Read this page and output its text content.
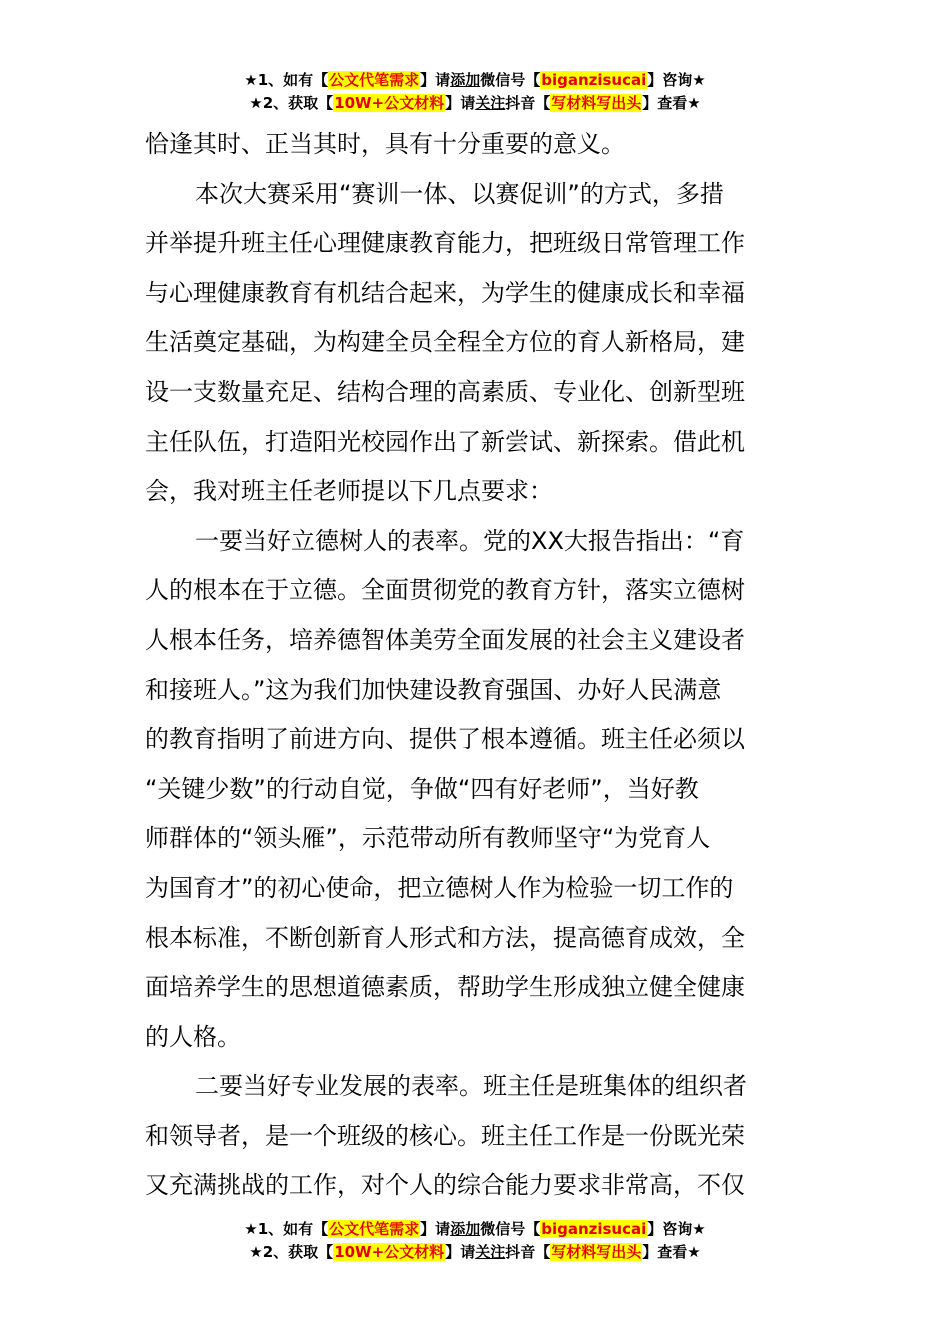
★1、如有【公文代笔需求】请添加微信号【biganzisucai】咨询★
★2、获取【10W+公文材料】请关注抖音【写材料写出头】查看★
恰逢其时、正当其时，具有十分重要的意义。
本次大赛采用“赛训一体、以赛促训”的方式，多措
并举提升班主任心理健康教育能力，把班级日常管理工作
与心理健康教育有机结合起来，为学生的健康成长和幸福
生活奠定基础，为构建全员全程全方位的育人新格局，建
设一支数量充足、结构合理的高素质、专业化、创新型班
主任队伍，打造阳光校园作出了新尝试、新探索。借此机
会，我对班主任老师提以下几点要求：
一要当好立德树人的表率。党的XX大报告指出：“育
人的根本在于立德。全面贯彻党的教育方针，落实立德树
人根本任务，培养德智体美劳全面发展的社会主义建设者
和接班人。”这为我们加快建设教育强国、办好人民满意
的教育指明了前进方向、提供了根本遵循。班主任必须以
“关键少数”的行动自觉，争做“四有好老师”，当好教
师群体的“领头雁”，示范带动所有教师坚守“为党育人
为国育才”的初心使命，把立德树人作为检验一切工作的
根本标准，不断创新育人形式和方法，提高德育成效，全
面培养学生的思想道德素质，帮助学生形成独立健全健康
的人格。
二要当好专业发展的表率。班主任是班集体的组织者
和领导者，是一个班级的核心。班主任工作是一份既光荣
又充满挑战的工作，对个人的综合能力要求非常高，不仅
★1、如有【公文代笔需求】请添加微信号【biganzisucai】咨询★
★2、获取【10W+公文材料】请关注抖音【写材料写出头】查看★
